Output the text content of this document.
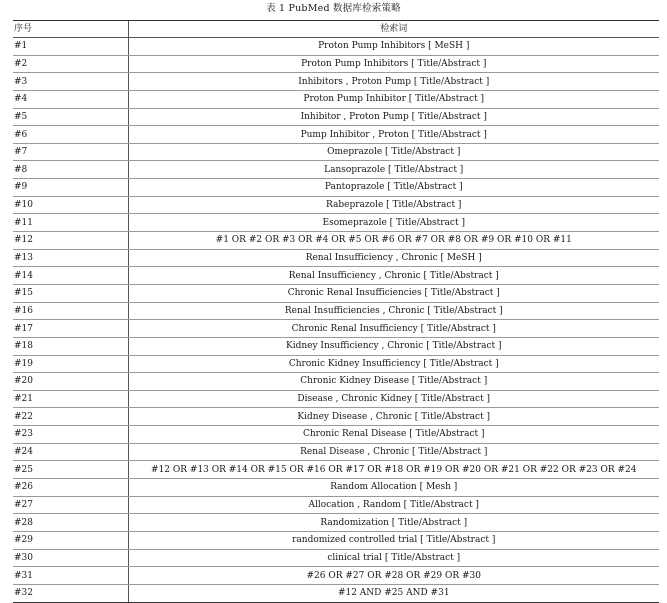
表 1 PubMed 数据库检索策略
序号	检索词
#1	Proton Pump Inhibitors [ MeSH ]
#2	Proton Pump Inhibitors [ Title/Abstract ]
#3	Inhibitors , Proton Pump [ Title/Abstract ]
#4	Proton Pump Inhibitor [ Title/Abstract ]
#5	Inhibitor , Proton Pump [ Title/Abstract ]
#6	Pump Inhibitor , Proton [ Title/Abstract ]
#7	Omeprazole [ Title/Abstract ]
#8	Lansoprazole [ Title/Abstract ]
#9	Pantoprazole [ Title/Abstract ]
#10	Rabeprazole [ Title/Abstract ]
#11	Esomeprazole [ Title/Abstract ]
#12	#1 OR #2 OR #3 OR #4 OR #5 OR #6 OR #7 OR #8 OR #9 OR #10 OR #11
#13	Renal Insufficiency , Chronic [ MeSH ]
#14	Renal Insufficiency , Chronic [ Title/Abstract ]
#15	Chronic Renal Insufficiencies [ Title/Abstract ]
#16	Renal Insufficiencies , Chronic [ Title/Abstract ]
#17	Chronic Renal Insufficiency [ Title/Abstract ]
#18	Kidney Insufficiency , Chronic [ Title/Abstract ]
#19	Chronic Kidney Insufficiency [ Title/Abstract ]
#20	Chronic Kidney Disease [ Title/Abstract ]
#21	Disease , Chronic Kidney [ Title/Abstract ]
#22	Kidney Disease , Chronic [ Title/Abstract ]
#23	Chronic Renal Disease [ Title/Abstract ]
#24	Renal Disease , Chronic [ Title/Abstract ]
#25	#12 OR #13 OR #14 OR #15 OR #16 OR #17 OR #18 OR #19 OR #20 OR #21 OR #22 OR #23 OR #24
#26	Random Allocation [ Mesh ]
#27	Allocation , Random [ Title/Abstract ]
#28	Randomization [ Title/Abstract ]
#29	randomized controlled trial [ Title/Abstract ]
#30	clinical trial [ Title/Abstract ]
#31	#26 OR #27 OR #28 OR #29 OR #30
#32	#12 AND #25 AND #31
